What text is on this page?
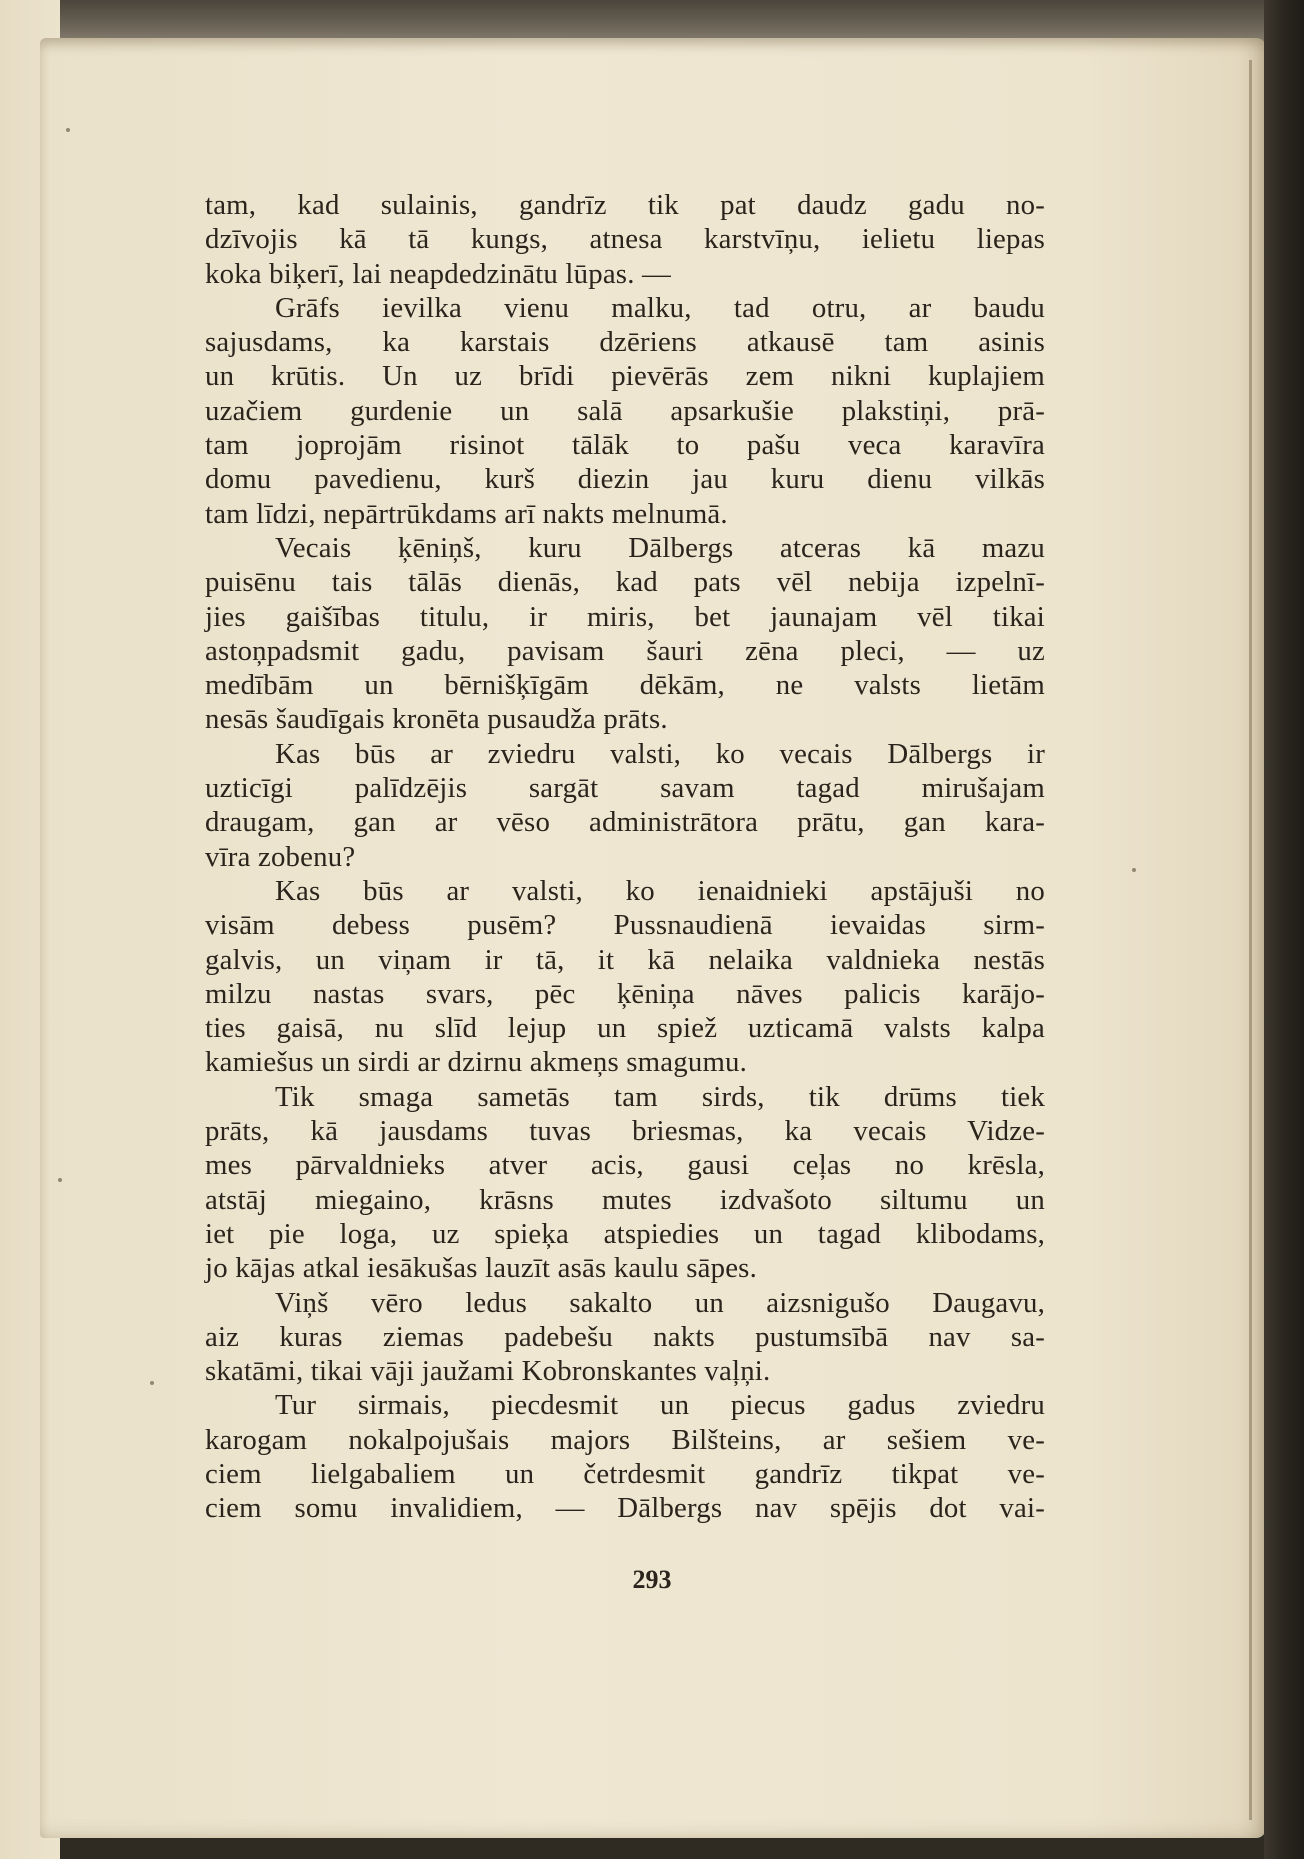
tam, kad sulainis, gandrīz tik pat daudz gadu no-
dzīvojis kā tā kungs, atnesa karstvīņu, ielietu liepas
koka biķerī, lai neapdedzinātu lūpas. —
Grāfs ievilka vienu malku, tad otru, ar baudu
sajusdams, ka karstais dzēriens atkausē tam asinis
un krūtis. Un uz brīdi pievērās zem nikni kuplajiem
uzačiem gurdenie un salā apsarkušie plakstiņi, prā-
tam joprojām risinot tālāk to pašu veca karavīra
domu pavedienu, kurš diezin jau kuru dienu vilkās
tam līdzi, nepārtrūkdams arī nakts melnumā.
Vecais ķēniņš, kuru Dālbergs atceras kā mazu
puisēnu tais tālās dienās, kad pats vēl nebija izpelnī-
jies gaišības titulu, ir miris, bet jaunajam vēl tikai
astoņpadsmit gadu, pavisam šauri zēna pleci, — uz
medībām un bērnišķīgām dēkām, ne valsts lietām
nesās šaudīgais kronēta pusaudža prāts.
Kas būs ar zviedru valsti, ko vecais Dālbergs ir
uzticīgi palīdzējis sargāt savam tagad mirušajam
draugam, gan ar vēso administrātora prātu, gan kara-
vīra zobenu?
Kas būs ar valsti, ko ienaidnieki apstājuši no
visām debess pusēm? Pussnaudienā ievaidas sirm-
galvis, un viņam ir tā, it kā nelaika valdnieka nestās
milzu nastas svars, pēc ķēniņa nāves palicis karājo-
ties gaisā, nu slīd lejup un spiež uzticamā valsts kalpa
kamiešus un sirdi ar dzirnu akmeņs smagumu.
Tik smaga sametās tam sirds, tik drūms tiek
prāts, kā jausdams tuvas briesmas, ka vecais Vidze-
mes pārvaldnieks atver acis, gausi ceļas no krēsla,
atstāj miegaino, krāsns mutes izdvašoto siltumu un
iet pie loga, uz spieķa atspiedies un tagad klibodams,
jo kājas atkal iesākušas lauzīt asās kaulu sāpes.
Viņš vēro ledus sakalto un aizsnigušo Daugavu,
aiz kuras ziemas padebešu nakts pustumsībā nav sa-
skatāmi, tikai vāji jaužami Kobronskantes vaļņi.
Tur sirmais, piecdesmit un piecus gadus zviedru
karogam nokalpojušais majors Bilšteins, ar sešiem ve-
ciem lielgabaliem un četrdesmit gandrīz tikpat ve-
ciem somu invalidiem, — Dālbergs nav spējis dot vai-
293
